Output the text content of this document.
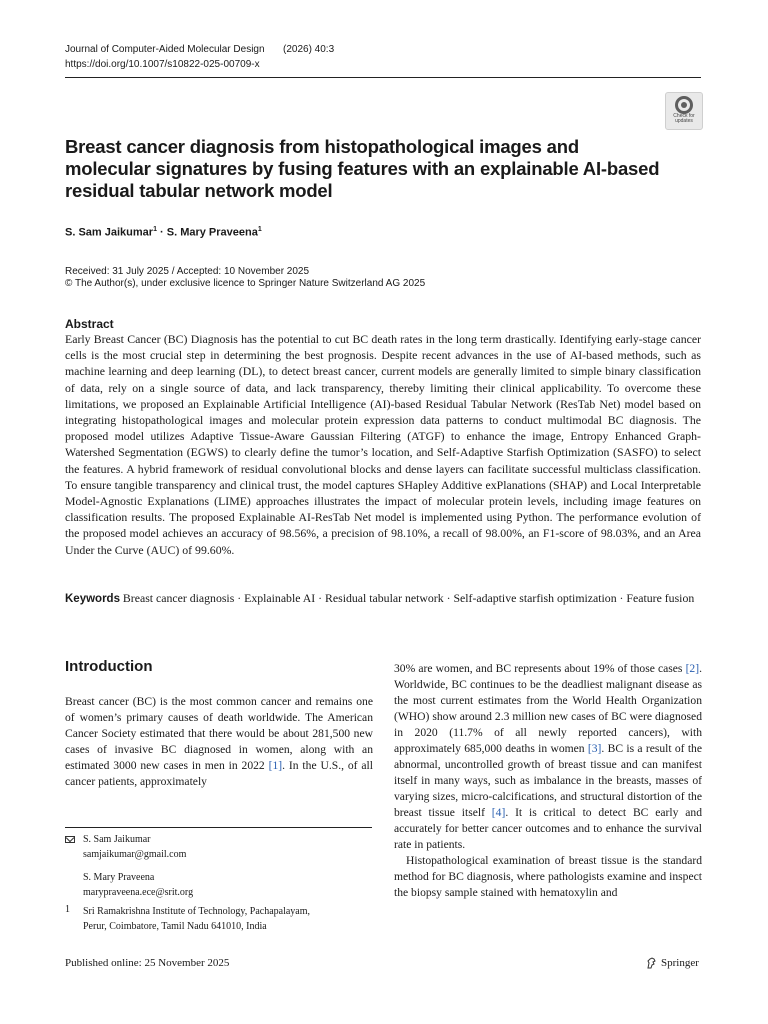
Journal of Computer-Aided Molecular Design	(2026) 40:3
https://doi.org/10.1007/s10822-025-00709-x
Check for
updates
Breast cancer diagnosis from histopathological images and molecular signatures by fusing features with an explainable AI-based residual tabular network model
S. Sam Jaikumar$^1$ · S. Mary Praveena$^1$
Received: 31 July 2025 / Accepted: 10 November 2025
© The Author(s), under exclusive licence to Springer Nature Switzerland AG 2025
Abstract
Early Breast Cancer (BC) Diagnosis has the potential to cut BC death rates in the long term drastically. Identifying early-stage cancer cells is the most crucial step in determining the best prognosis. Despite recent advances in the use of AI-based methods, such as machine learning and deep learning (DL), to detect breast cancer, current models are generally limited to simple binary classification of data, rely on a single source of data, and lack transparency, thereby limiting their clinical applicability. To overcome these limitations, we proposed an Explainable Artificial Intelligence (AI)-based Residual Tabular Network (ResTab Net) model based on integrating histopathological images and molecular protein expression data patterns to conduct multimodal BC diagnosis. The proposed model utilizes Adaptive Tissue-Aware Gaussian Filtering (ATGF) to enhance the image, Entropy Enhanced Graph-Watershed Segmentation (EGWS) to clearly define the tumor’s location, and Self-Adaptive Starfish Optimization (SASFO) to select the features. A hybrid framework of residual convolutional blocks and dense layers can facilitate successful multiclass classification. To ensure tangible transparency and clinical trust, the model captures SHapley Additive exPlanations (SHAP) and Local Interpretable Model-Agnostic Explanations (LIME) approaches illustrates the impact of molecular protein levels, including image features on classification results. The proposed Explainable AI-ResTab Net model is implemented using Python. The performance evolution of the proposed model achieves an accuracy of 98.56%, a precision of 98.10%, a recall of 98.00%, an F1-score of 98.03%, and an Area Under the Curve (AUC) of 99.60%.
Keywords Breast cancer diagnosis · Explainable AI · Residual tabular network · Self-adaptive starfish optimization · Feature fusion
Introduction
Breast cancer (BC) is the most common cancer and remains one of women’s primary causes of death worldwide. The American Cancer Society estimated that there would be about 281,500 new cases of invasive BC diagnosed in women, along with an estimated 3000 new cases in men in 2022 [1]. In the U.S., of all cancer patients, approximately

30% are women, and BC represents about 19% of those cases [2]. Worldwide, BC continues to be the deadliest malignant disease as the most current estimates from the World Health Organization (WHO) show around 2.3 million new cases of BC were diagnosed in 2020 (11.7% of all newly reported cancers), with approximately 685,000 deaths in women [3]. BC is a result of the abnormal, uncontrolled growth of breast tissue and can manifest itself in many ways, such as imbalance in the breasts, masses of varying sizes, micro-calcifications, and structural distortion of the breast tissue itself [4]. It is critical to detect BC early and accurately for better cancer outcomes and to enhance the survival rate in patients.

Histopathological examination of breast tissue is the standard method for BC diagnosis, where pathologists examine and inspect the biopsy sample stained with hematoxylin and

S. Sam Jaikumar
samjaikumar@gmail.com
S. Mary Praveena
marypraveena.ece@srit.org
1 Sri Ramakrishna Institute of Technology, Pachapalayam,
Perur, Coimbatore, Tamil Nadu 641010, India
Published online: 25 November 2025	Springer
